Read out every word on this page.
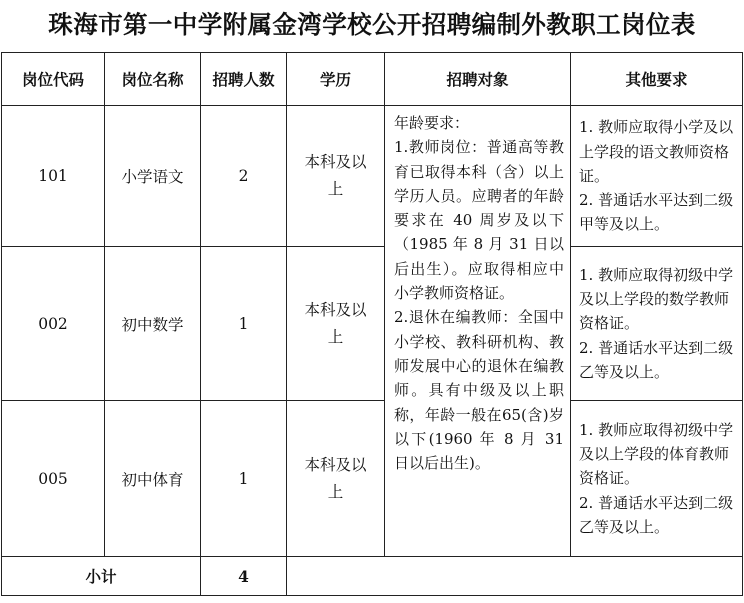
珠海市第一中学附属金湾学校公开招聘编制外教职工岗位表
岗位代码	岗位名称	招聘人数	学历	招聘对象	其他要求
101	小学语文	2	本科及以上	年龄要求：
1.教师岗位：普通高等教育已取得本科（含）以上学历人员。应聘者的年龄要求在 40 周岁及以下（1985 年 8 月 31 日以后出生）。应取得相应中小学教师资格证。
2.退休在编教师：全国中小学校、教科研机构、教师发展中心的退休在编教师。具有中级及以上职称，年龄一般在65(含)岁以下(1960 年 8 月 31 日以后出生)。	1. 教师应取得小学及以上学段的语文教师资格证。
2. 普通话水平达到二级甲等及以上。

002	初中数学	1	本科及以上		1. 教师应取得初级中学及以上学段的数学教师资格证。
2. 普通话水平达到二级乙等及以上。

005	初中体育	1	本科及以上		1. 教师应取得初级中学及以上学段的体育教师资格证。
2. 普通话水平达到二级乙等及以上。

小计		4			
